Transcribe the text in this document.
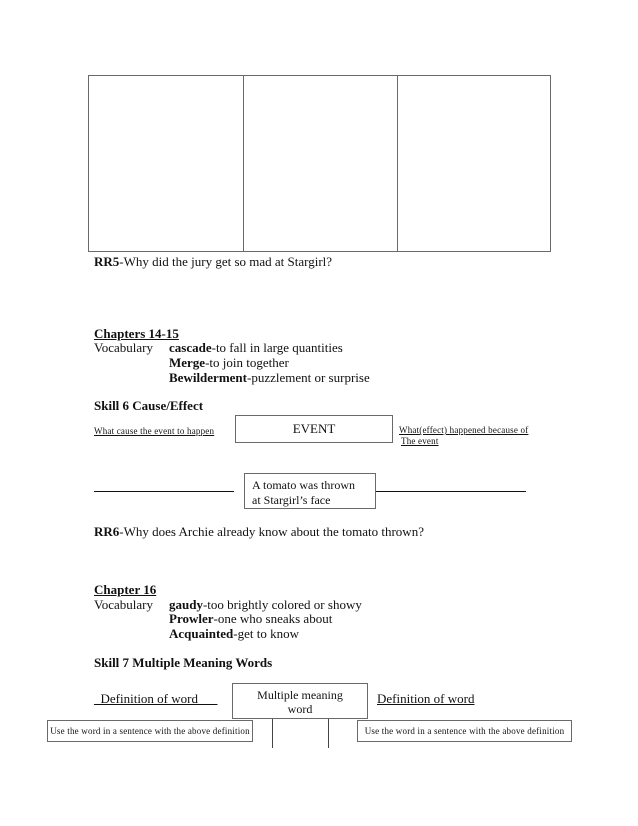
RR5-Why did the jury get so mad at Stargirl?
Chapters 14-15
Vocabulary cascade-to fall in large quantities
Merge-to join together
Bewilderment-puzzlement or surprise
Skill 6 Cause/Effect
What cause the event to happen	EVENT	What(effect) happened because of
The event
A tomato was thrown
at Stargirl’s face
RR6-Why does Archie already know about the tomato thrown?
Chapter 16
Vocabulary gaudy-too brightly colored or showy
Prowler-one who sneaks about
Acquainted-get to know
Skill 7 Multiple Meaning Words
Definition of word	Multiple meaning
word
Definition of word
Use the word in a sentence with the above definition	Use the word in a sentence with the above definition
